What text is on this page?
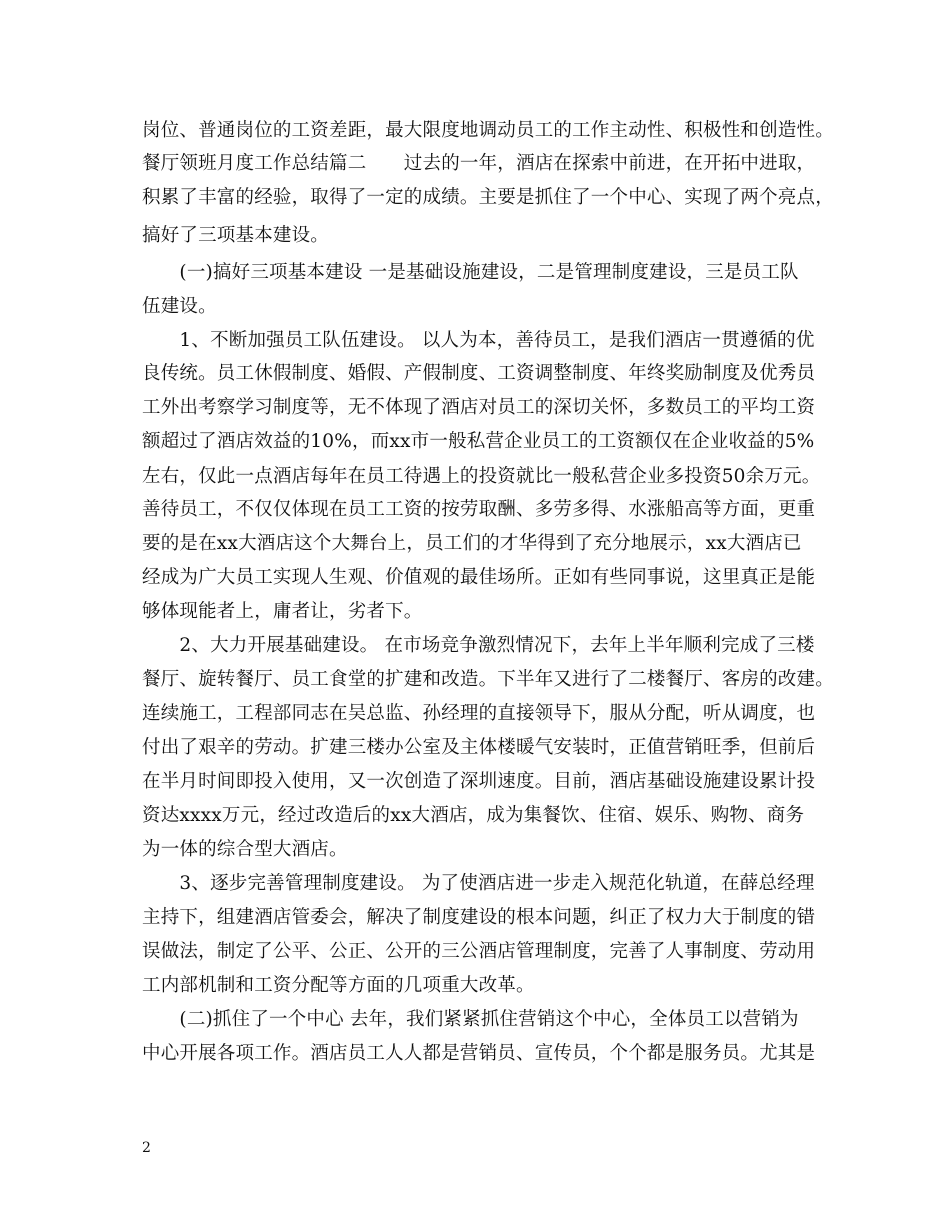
岗位、普通岗位的工资差距，最大限度地调动员工的工作主动性、积极性和创造性。
餐厅领班月度工作总结篇二　　过去的一年，酒店在探索中前进，在开拓中进取，
积累了丰富的经验，取得了一定的成绩。主要是抓住了一个中心、实现了两个亮点，
搞好了三项基本建设。
　　(一)搞好三项基本建设 一是基础设施建设，二是管理制度建设，三是员工队
伍建设。
　　1、不断加强员工队伍建设。 以人为本，善待员工，是我们酒店一贯遵循的优
良传统。员工休假制度、婚假、产假制度、工资调整制度、年终奖励制度及优秀员
工外出考察学习制度等，无不体现了酒店对员工的深切关怀，多数员工的平均工资
额超过了酒店效益的10%，而xx市一般私营企业员工的工资额仅在企业收益的5%
左右，仅此一点酒店每年在员工待遇上的投资就比一般私营企业多投资50余万元。
善待员工，不仅仅体现在员工工资的按劳取酬、多劳多得、水涨船高等方面，更重
要的是在xx大酒店这个大舞台上，员工们的才华得到了充分地展示，xx大酒店已
经成为广大员工实现人生观、价值观的最佳场所。正如有些同事说，这里真正是能
够体现能者上，庸者让，劣者下。
　　2、大力开展基础建设。 在市场竞争激烈情况下，去年上半年顺利完成了三楼
餐厅、旋转餐厅、员工食堂的扩建和改造。下半年又进行了二楼餐厅、客房的改建。
连续施工，工程部同志在吴总监、孙经理的直接领导下，服从分配，听从调度，也
付出了艰辛的劳动。扩建三楼办公室及主体楼暖气安装时，正值营销旺季，但前后
在半月时间即投入使用，又一次创造了深圳速度。目前，酒店基础设施建设累计投
资达xxxx万元，经过改造后的xx大酒店，成为集餐饮、住宿、娱乐、购物、商务
为一体的综合型大酒店。
　　3、逐步完善管理制度建设。 为了使酒店进一步走入规范化轨道，在薛总经理
主持下，组建酒店管委会，解决了制度建设的根本问题，纠正了权力大于制度的错
误做法，制定了公平、公正、公开的三公酒店管理制度，完善了人事制度、劳动用
工内部机制和工资分配等方面的几项重大改革。
　　(二)抓住了一个中心 去年，我们紧紧抓住营销这个中心，全体员工以营销为
中心开展各项工作。酒店员工人人都是营销员、宣传员，个个都是服务员。尤其是
2
